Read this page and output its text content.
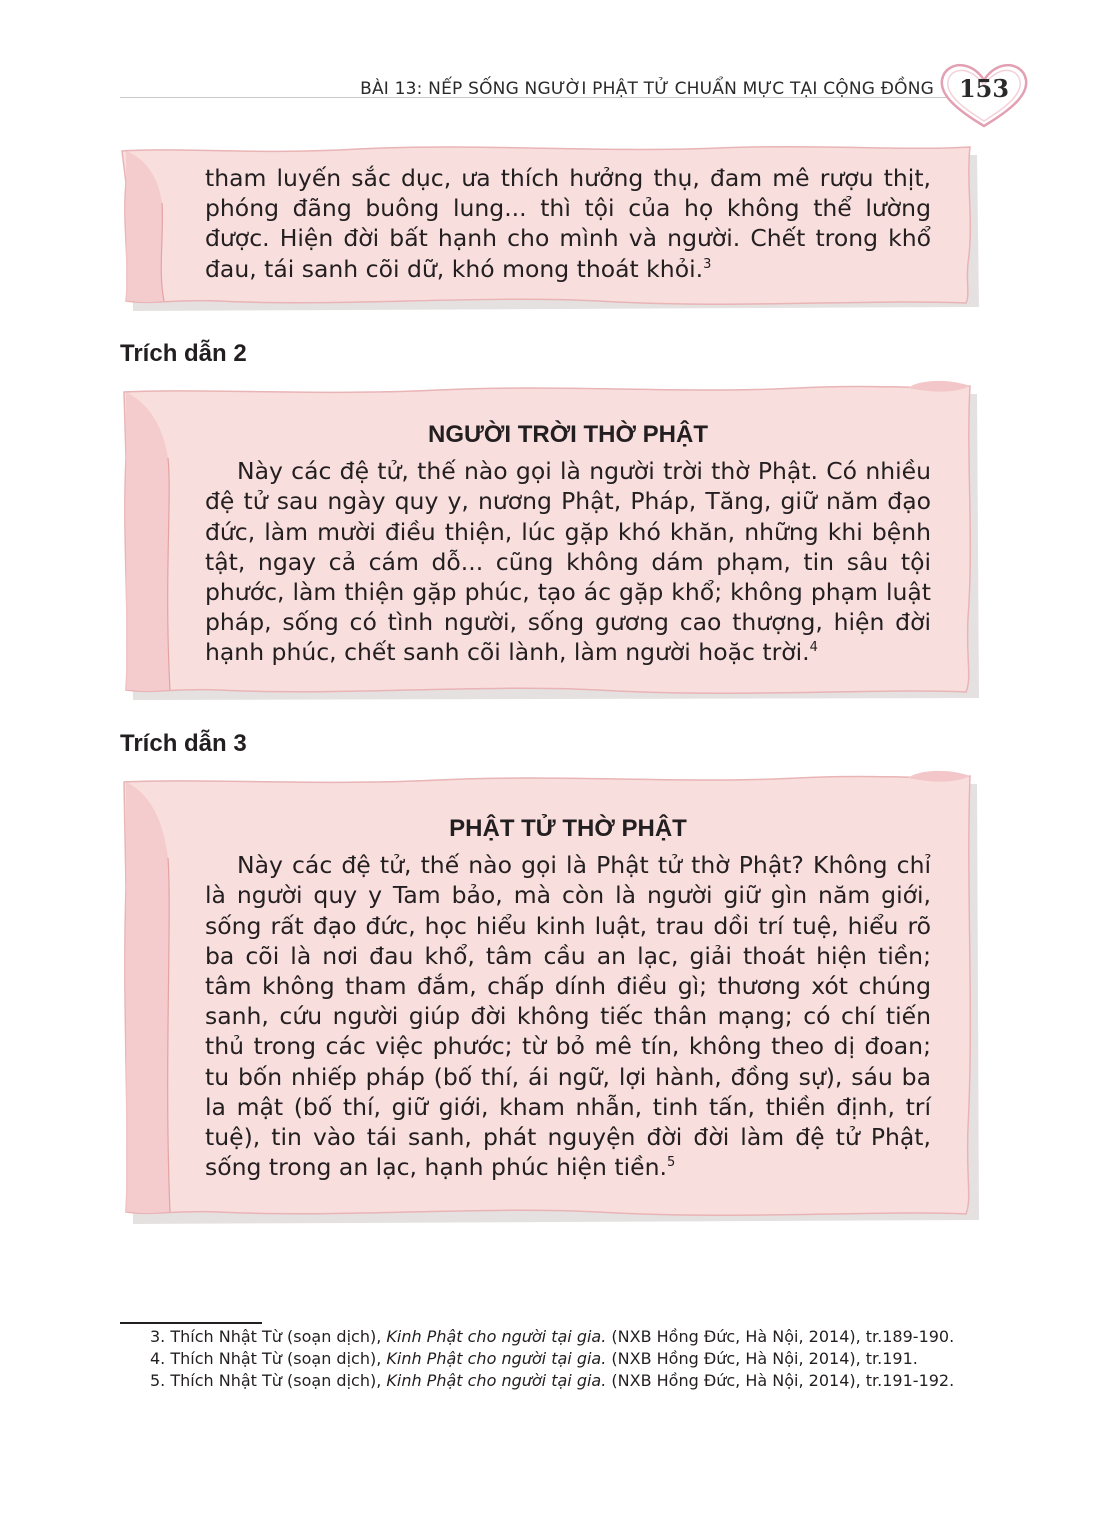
BÀI 13: NẾP SỐNG NGƯỜI PHẬT TỬ CHUẨN MỰC TẠI CỘNG ĐỒNG	153
tham luyến sắc dục, ưa thích hưởng thụ, đam mê rượu thịt,
phóng đãng buông lung... thì tội của họ không thể lường
được. Hiện đời bất hạnh cho mình và người. Chết trong khổ
đau, tái sanh cõi dữ, khó mong thoát khỏi.$^3$
Trích dẫn 2
NGƯỜI TRỜI THỜ PHẬT

Này các đệ tử, thế nào gọi là người trời thờ Phật. Có nhiều đệ tử sau ngày quy y, nương Phật, Pháp, Tăng, giữ năm đạo đức, làm mười điều thiện, lúc gặp khó khăn, những khi bệnh tật, ngay cả cám dỗ... cũng không dám phạm, tin sâu tội phước, làm thiện gặp phúc, tạo ác gặp khổ; không phạm luật pháp, sống có tình người, sống gương cao thượng, hiện đời hạnh phúc, chết sanh cõi lành, làm người hoặc trời.$^4$

Trích dẫn 3
PHẬT TỬ THỜ PHẬT

Này các đệ tử, thế nào gọi là Phật tử thờ Phật? Không chỉ là người quy y Tam bảo, mà còn là người giữ gìn năm giới, sống rất đạo đức, học hiểu kinh luật, trau dồi trí tuệ, hiểu rõ ba cõi là nơi đau khổ, tâm cầu an lạc, giải thoát hiện tiền; tâm không tham đắm, chấp dính điều gì; thương xót chúng sanh, cứu người giúp đời không tiếc thân mạng; có chí tiến thủ trong các việc phước; từ bỏ mê tín, không theo dị đoan; tu bốn nhiếp pháp (bố thí, ái ngữ, lợi hành, đồng sự), sáu ba la mật (bố thí, giữ giới, kham nhẫn, tinh tấn, thiền định, trí tuệ), tin vào tái sanh, phát nguyện đời đời làm đệ tử Phật, sống trong an lạc, hạnh phúc hiện tiền.$^5$

3. Thích Nhật Từ (soạn dịch), Kinh Phật cho người tại gia. (NXB Hồng Đức, Hà Nội, 2014), tr.189-190.

4. Thích Nhật Từ (soạn dịch), Kinh Phật cho người tại gia. (NXB Hồng Đức, Hà Nội, 2014), tr.191.

5. Thích Nhật Từ (soạn dịch), Kinh Phật cho người tại gia. (NXB Hồng Đức, Hà Nội, 2014), tr.191-192.
